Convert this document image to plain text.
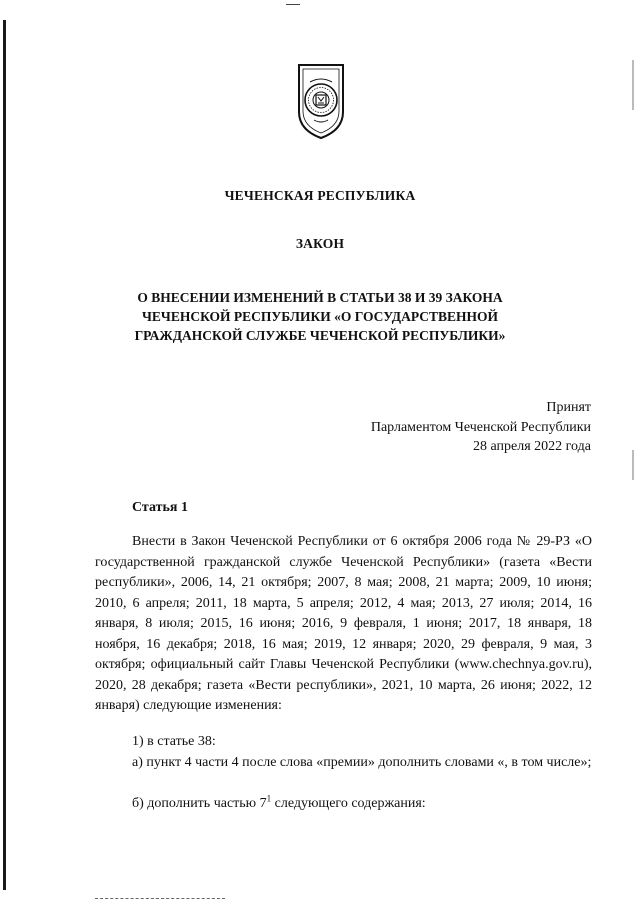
ЧЕЧЕНСКАЯ РЕСПУБЛИКА
ЗАКОН
О ВНЕСЕНИИ ИЗМЕНЕНИЙ В СТАТЬИ 38 И 39 ЗАКОНА
ЧЕЧЕНСКОЙ РЕСПУБЛИКИ «О ГОСУДАРСТВЕННОЙ
ГРАЖДАНСКОЙ СЛУЖБЕ ЧЕЧЕНСКОЙ РЕСПУБЛИКИ»
Принят
Парламентом Чеченской Республики
28 апреля 2022 года
Статья 1
Внести в Закон Чеченской Республики от 6 октября 2006 года № 29-РЗ «О государственной гражданской службе Чеченской Республики» (газета «Вести республики», 2006, 14, 21 октября; 2007, 8 мая; 2008, 21 марта; 2009, 10 июня; 2010, 6 апреля; 2011, 18 марта, 5 апреля; 2012, 4 мая; 2013, 27 июля; 2014, 16 января, 8 июля; 2015, 16 июня; 2016, 9 февраля, 1 июня; 2017, 18 января, 18 ноября, 16 декабря; 2018, 16 мая; 2019, 12 января; 2020, 29 февраля, 9 мая, 3 октября; официальный сайт Главы Чеченской Республики (www.chechnya.gov.ru), 2020, 28 декабря; газета «Вести республики», 2021, 10 марта, 26 июня; 2022, 12 января) следующие изменения:
1) в статье 38:
а) пункт 4 части 4 после слова «премии» дополнить словами «, в том числе»;
б) дополнить частью $7^1$ следующего содержания:
